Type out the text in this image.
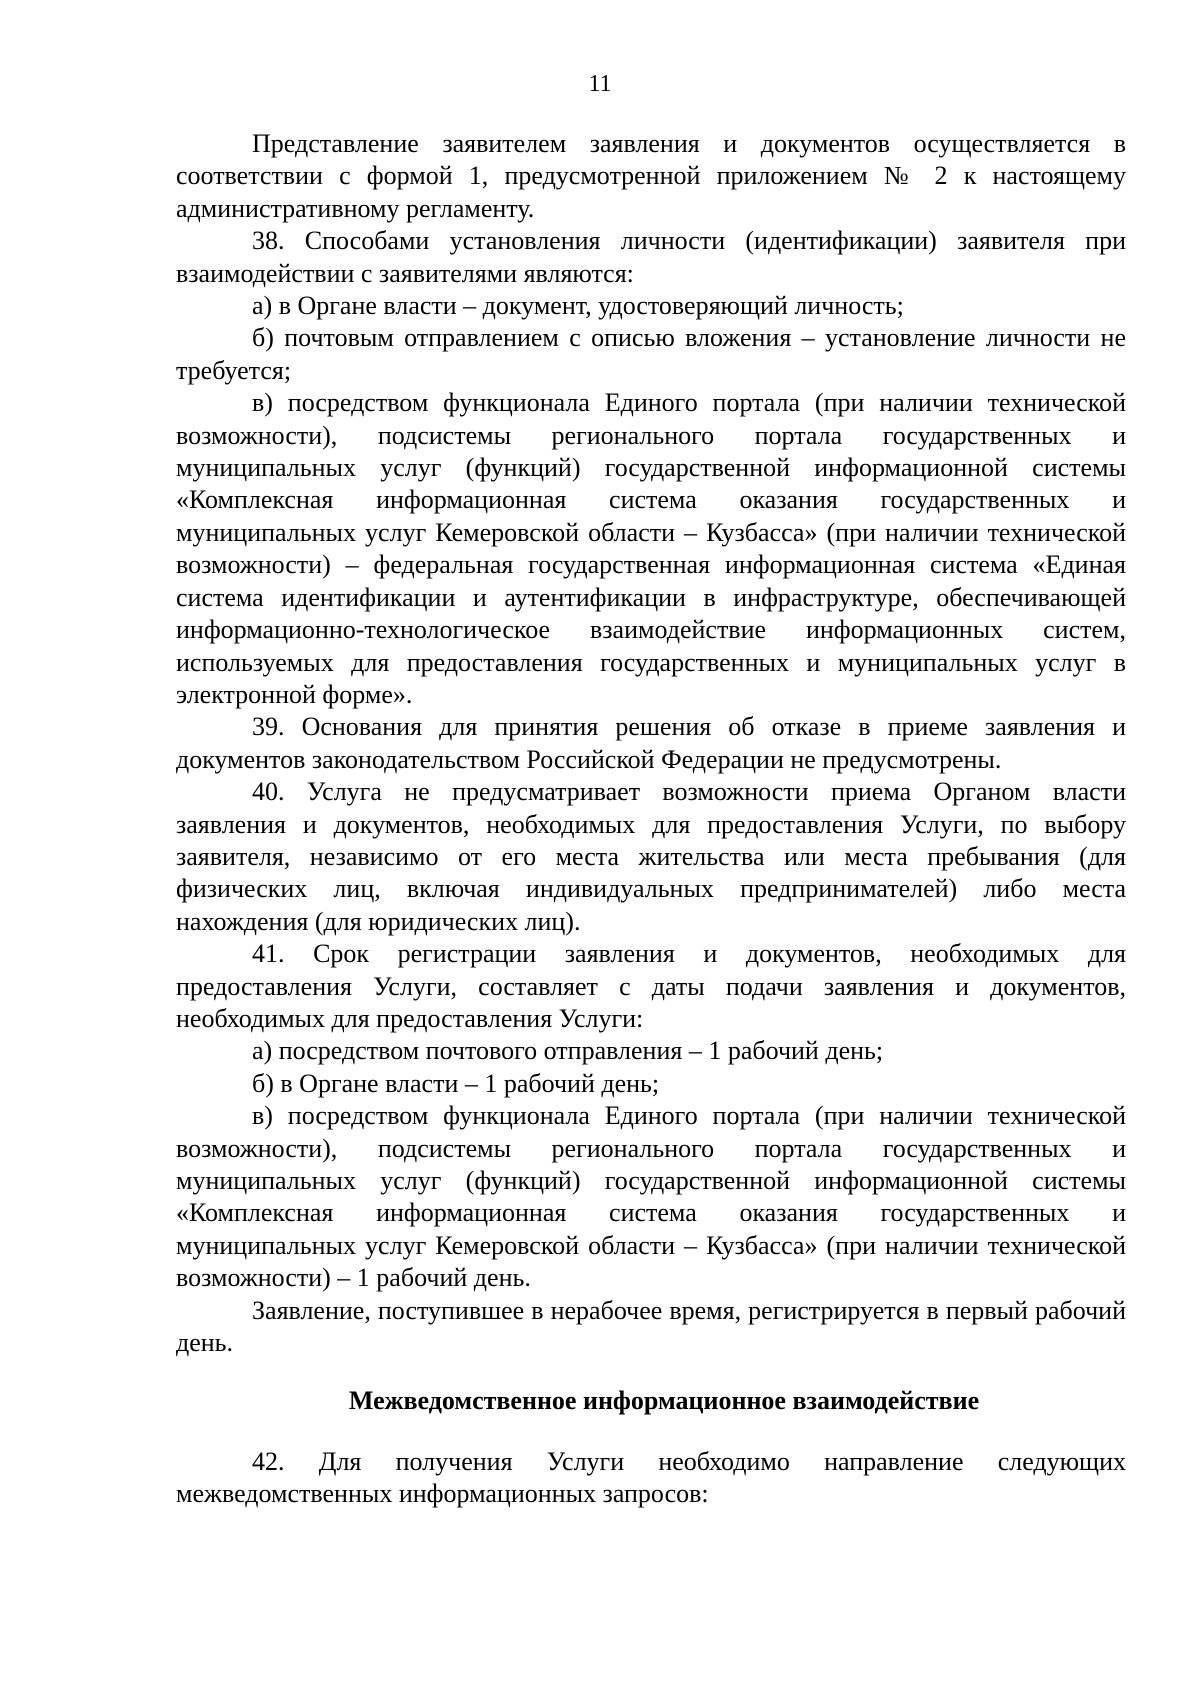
11

Представление заявителем заявления и документов осуществляется в соответствии с формой 1, предусмотренной приложением № 2 к настоящему административному регламенту.

38. Способами установления личности (идентификации) заявителя при взаимодействии с заявителями являются:

а) в Органе власти – документ, удостоверяющий личность;

б) почтовым отправлением с описью вложения – установление личности не требуется;

в) посредством функционала Единого портала (при наличии технической возможности), подсистемы регионального портала государственных и муниципальных услуг (функций) государственной информационной системы «Комплексная информационная система оказания государственных и муниципальных услуг Кемеровской области – Кузбасса» (при наличии технической возможности) – федеральная государственная информационная система «Единая система идентификации и аутентификации в инфраструктуре, обеспечивающей информационно-технологическое взаимодействие информационных систем, используемых для предоставления государственных и муниципальных услуг в электронной форме».

39. Основания для принятия решения об отказе в приеме заявления и документов законодательством Российской Федерации не предусмотрены.

40. Услуга не предусматривает возможности приема Органом власти заявления и документов, необходимых для предоставления Услуги, по выбору заявителя, независимо от его места жительства или места пребывания (для физических лиц, включая индивидуальных предпринимателей) либо места нахождения (для юридических лиц).

41. Срок регистрации заявления и документов, необходимых для предоставления Услуги, составляет с даты подачи заявления и документов, необходимых для предоставления Услуги:

а) посредством почтового отправления – 1 рабочий день;

б) в Органе власти – 1 рабочий день;

в) посредством функционала Единого портала (при наличии технической возможности), подсистемы регионального портала государственных и муниципальных услуг (функций) государственной информационной системы «Комплексная информационная система оказания государственных и муниципальных услуг Кемеровской области – Кузбасса» (при наличии технической возможности) – 1 рабочий день.

Заявление, поступившее в нерабочее время, регистрируется в первый рабочий день.

Межведомственное информационное взаимодействие

42. Для получения Услуги необходимо направление следующих межведомственных информационных запросов:
